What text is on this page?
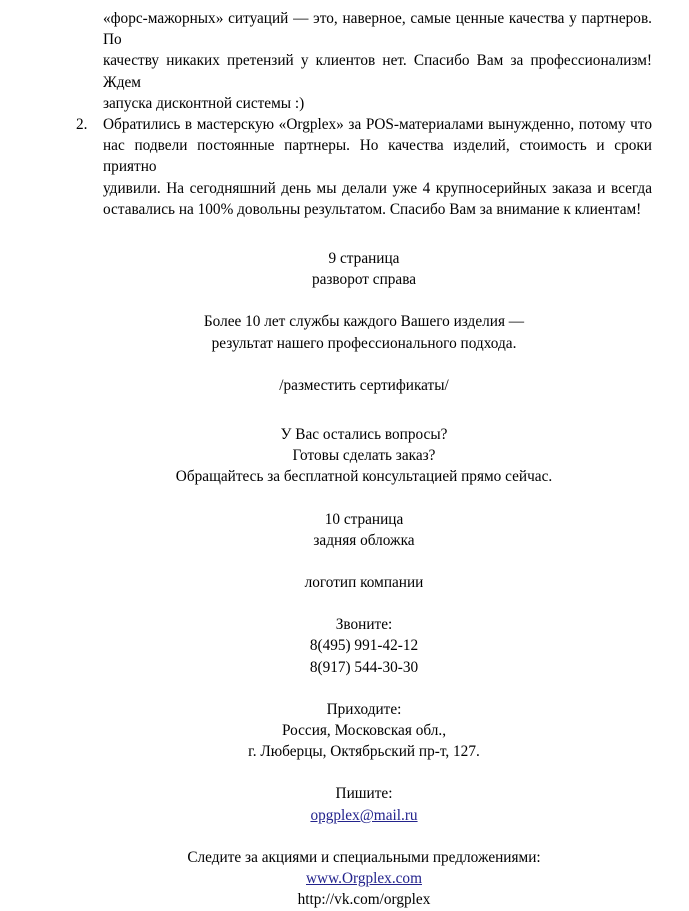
«форс-мажорных» ситуаций — это, наверное, самые ценные качества у партнеров. По
качеству никаких претензий у клиентов нет. Спасибо Вам за профессионализм! Ждем
запуска дисконтной системы :)
2.	Обратились в мастерскую «Orgplex» за POS-материалами вынужденно, потому что
нас подвели постоянные партнеры. Но качества изделий, стоимость и сроки приятно
удивили. На сегодняшний день мы делали уже 4 крупносерийных заказа и всегда
оставались на 100% довольны результатом. Спасибо Вам за внимание к клиентам!
9 страница
разворот справа
Более 10 лет службы каждого Вашего изделия —
результат нашего профессионального подхода.
/разместить сертификаты/
У Вас остались вопросы?
Готовы сделать заказ?
Обращайтесь за бесплатной консультацией прямо сейчас.
10 страница
задняя обложка
логотип компании
Звоните:
8(495) 991-42-12
8(917) 544-30-30
Приходите:
Россия, Московская обл.,
г. Люберцы, Октябрьский пр-т, 127.
Пишите:
opgplex@mail.ru
Следите за акциями и специальными предложениями:
www.Orgplex.com
http://vk.com/orgplex
